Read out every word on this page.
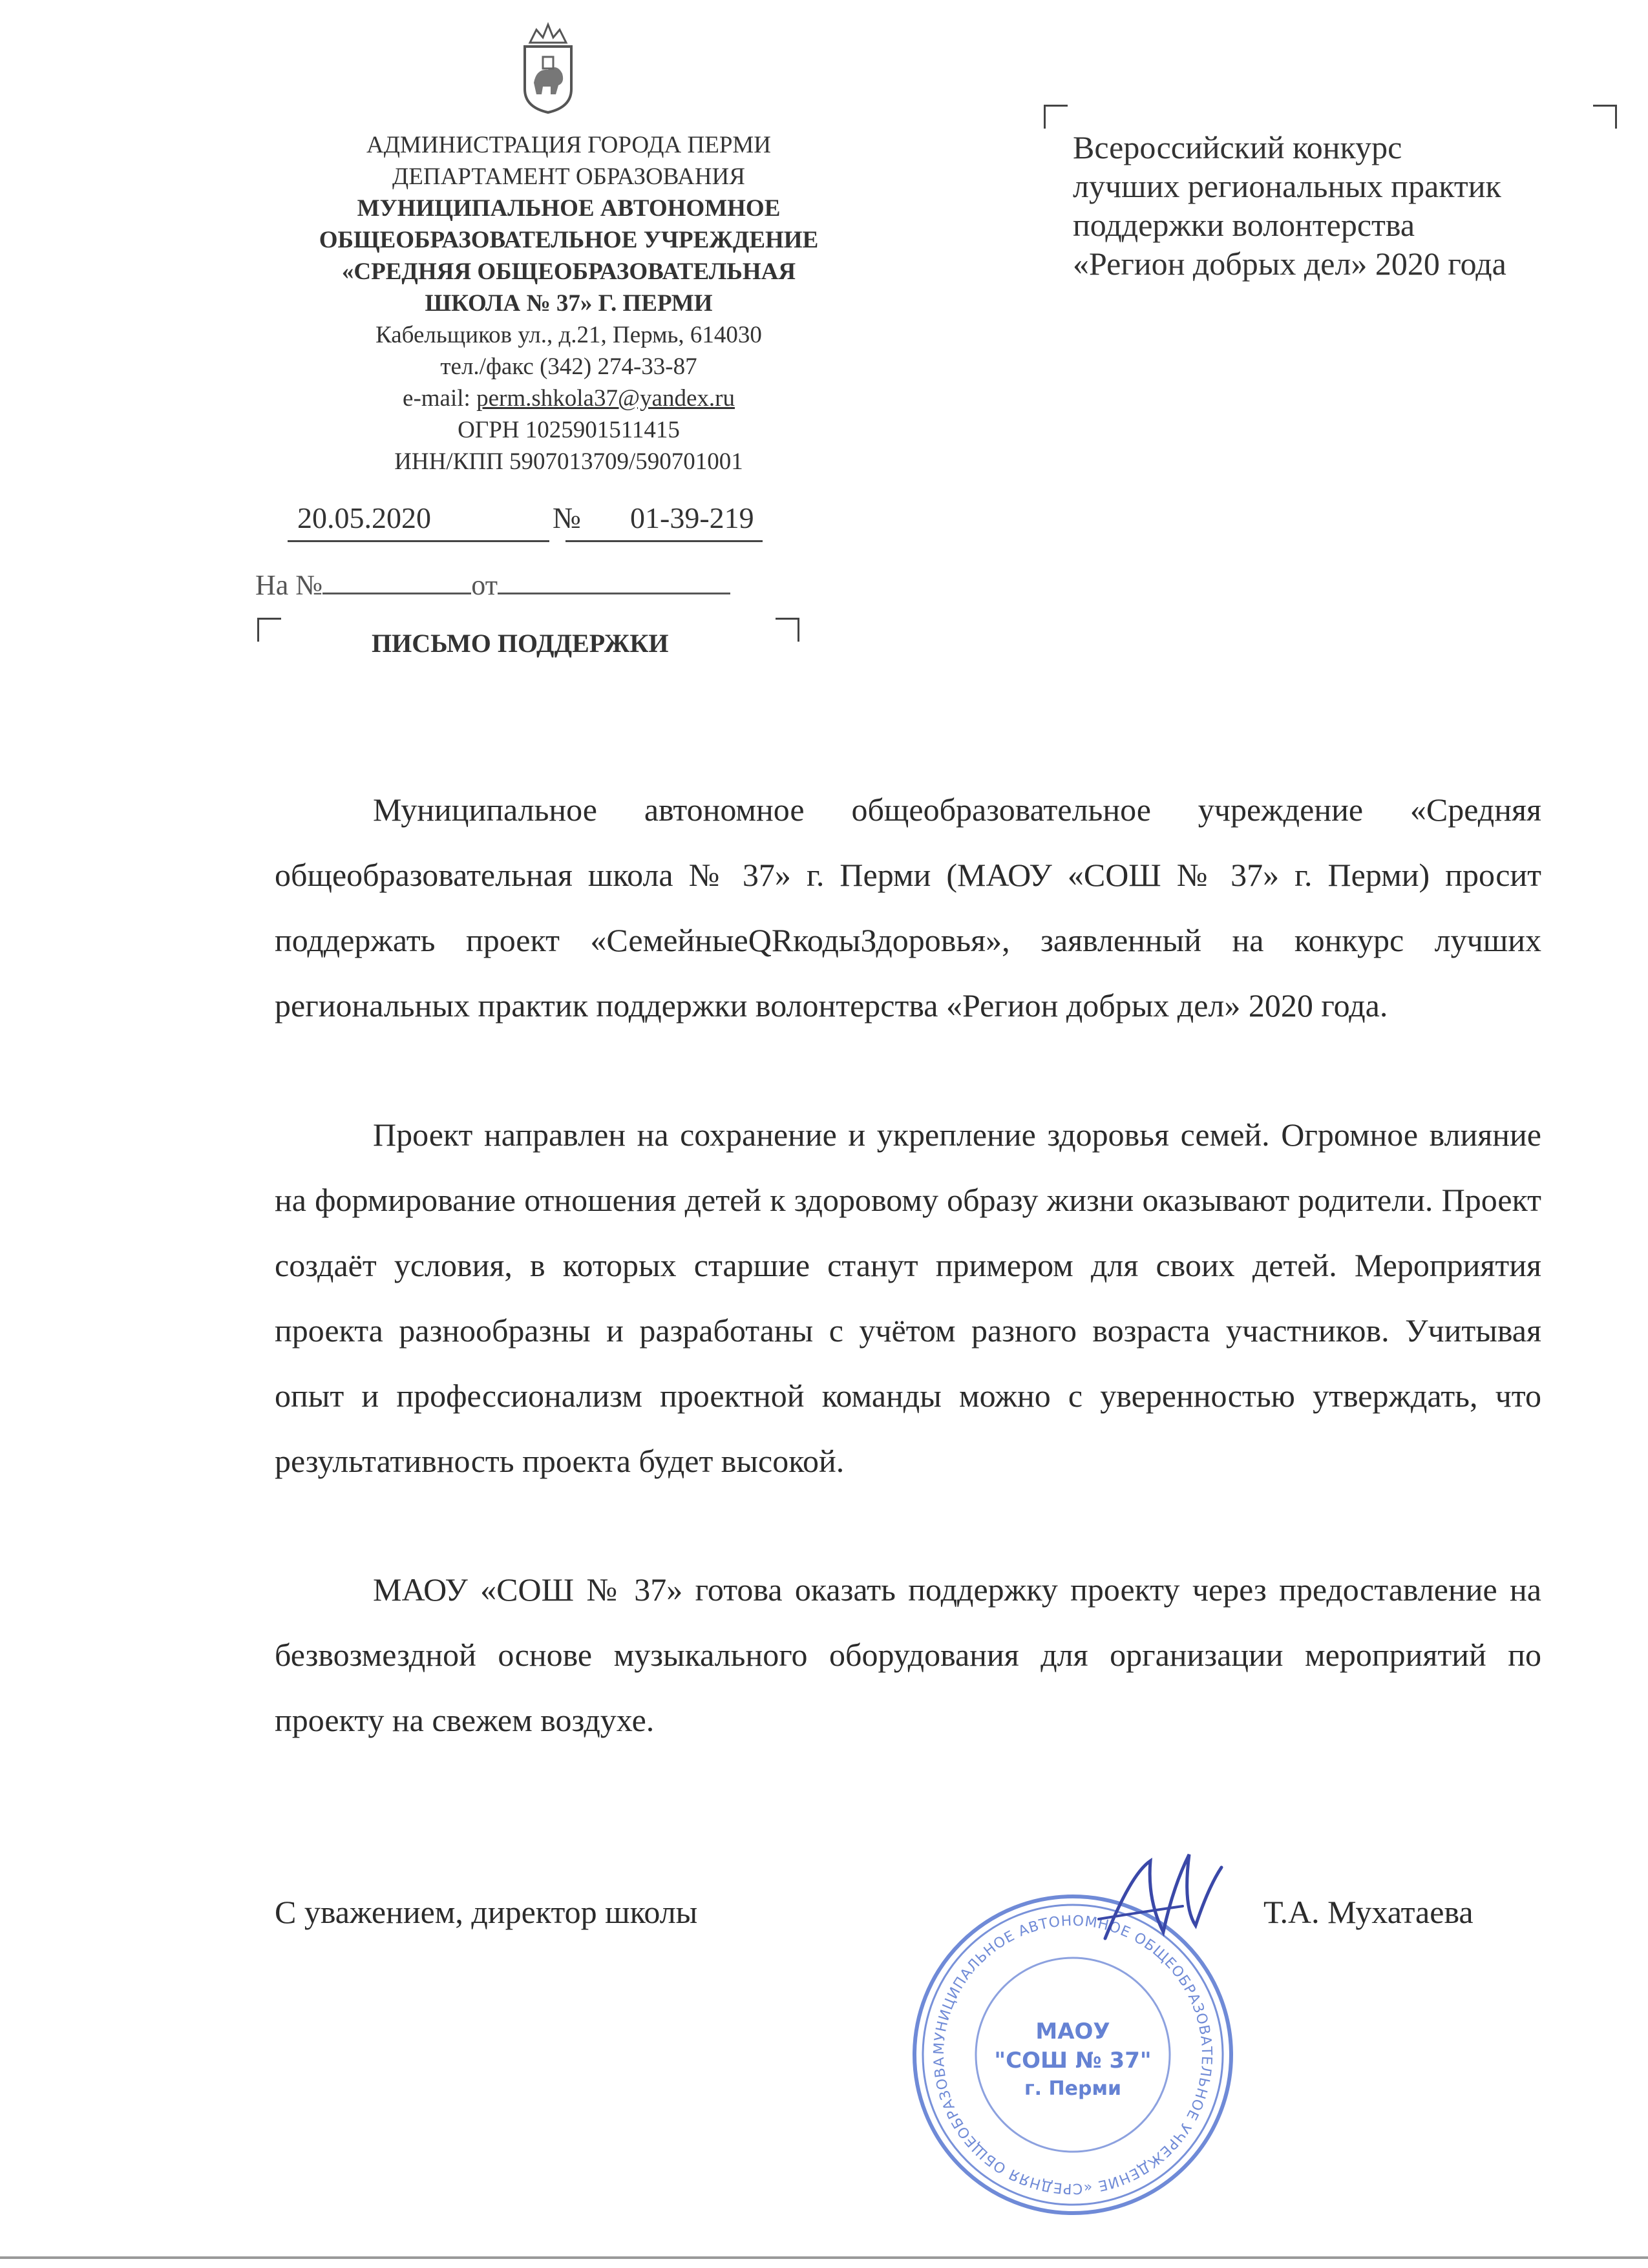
АДМИНИСТРАЦИЯ ГОРОДА ПЕРМИ
ДЕПАРТАМЕНТ ОБРАЗОВАНИЯ
МУНИЦИПАЛЬНОЕ АВТОНОМНОЕ
ОБЩЕОБРАЗОВАТЕЛЬНОЕ УЧРЕЖДЕНИЕ
«СРЕДНЯЯ ОБЩЕОБРАЗОВАТЕЛЬНАЯ
ШКОЛА № 37» Г. ПЕРМИ
Кабельщиков ул., д.21, Пермь, 614030
тел./факс (342) 274-33-87
e-mail: perm.shkola37@yandex.ru
ОГРН 1025901511415
ИНН/КПП 5907013709/590701001
20.05.2020	№ 01-39-219
На №	от
ПИСЬМО ПОДДЕРЖКИ
Всероссийский конкурс
лучших региональных практик
поддержки волонтерства
«Регион добрых дел» 2020 года
Муниципальное автономное общеобразовательное учреждение «Средняя общеобразовательная школа № 37» г. Перми (МАОУ «СОШ № 37» г. Перми) просит поддержать проект «СемейныеQRкодыЗдоровья», заявленный на конкурс лучших региональных практик поддержки волонтерства «Регион добрых дел» 2020 года.
Проект направлен на сохранение и укрепление здоровья семей. Огромное влияние на формирование отношения детей к здоровому образу жизни оказывают родители. Проект создаёт условия, в которых старшие станут примером для своих детей. Мероприятия проекта разнообразны и разработаны с учётом разного возраста участников. Учитывая опыт и профессионализм проектной команды можно с уверенностью утверждать, что результативность проекта будет высокой.
МАОУ «СОШ № 37» готова оказать поддержку проекту через предоставление на безвозмездной основе музыкального оборудования для организации мероприятий по проекту на свежем воздухе.
С уважением, директор школы	Т.А. Мухатаева
МУНИЦИПАЛЬНОЕ АВТОНОМНОЕ ОБЩЕОБРАЗОВАТЕЛЬНОЕ УЧРЕЖДЕНИЕ «СРЕДНЯЯ ОБЩЕОБРАЗОВА
МАОУ
"СОШ № 37"
г. Перми
